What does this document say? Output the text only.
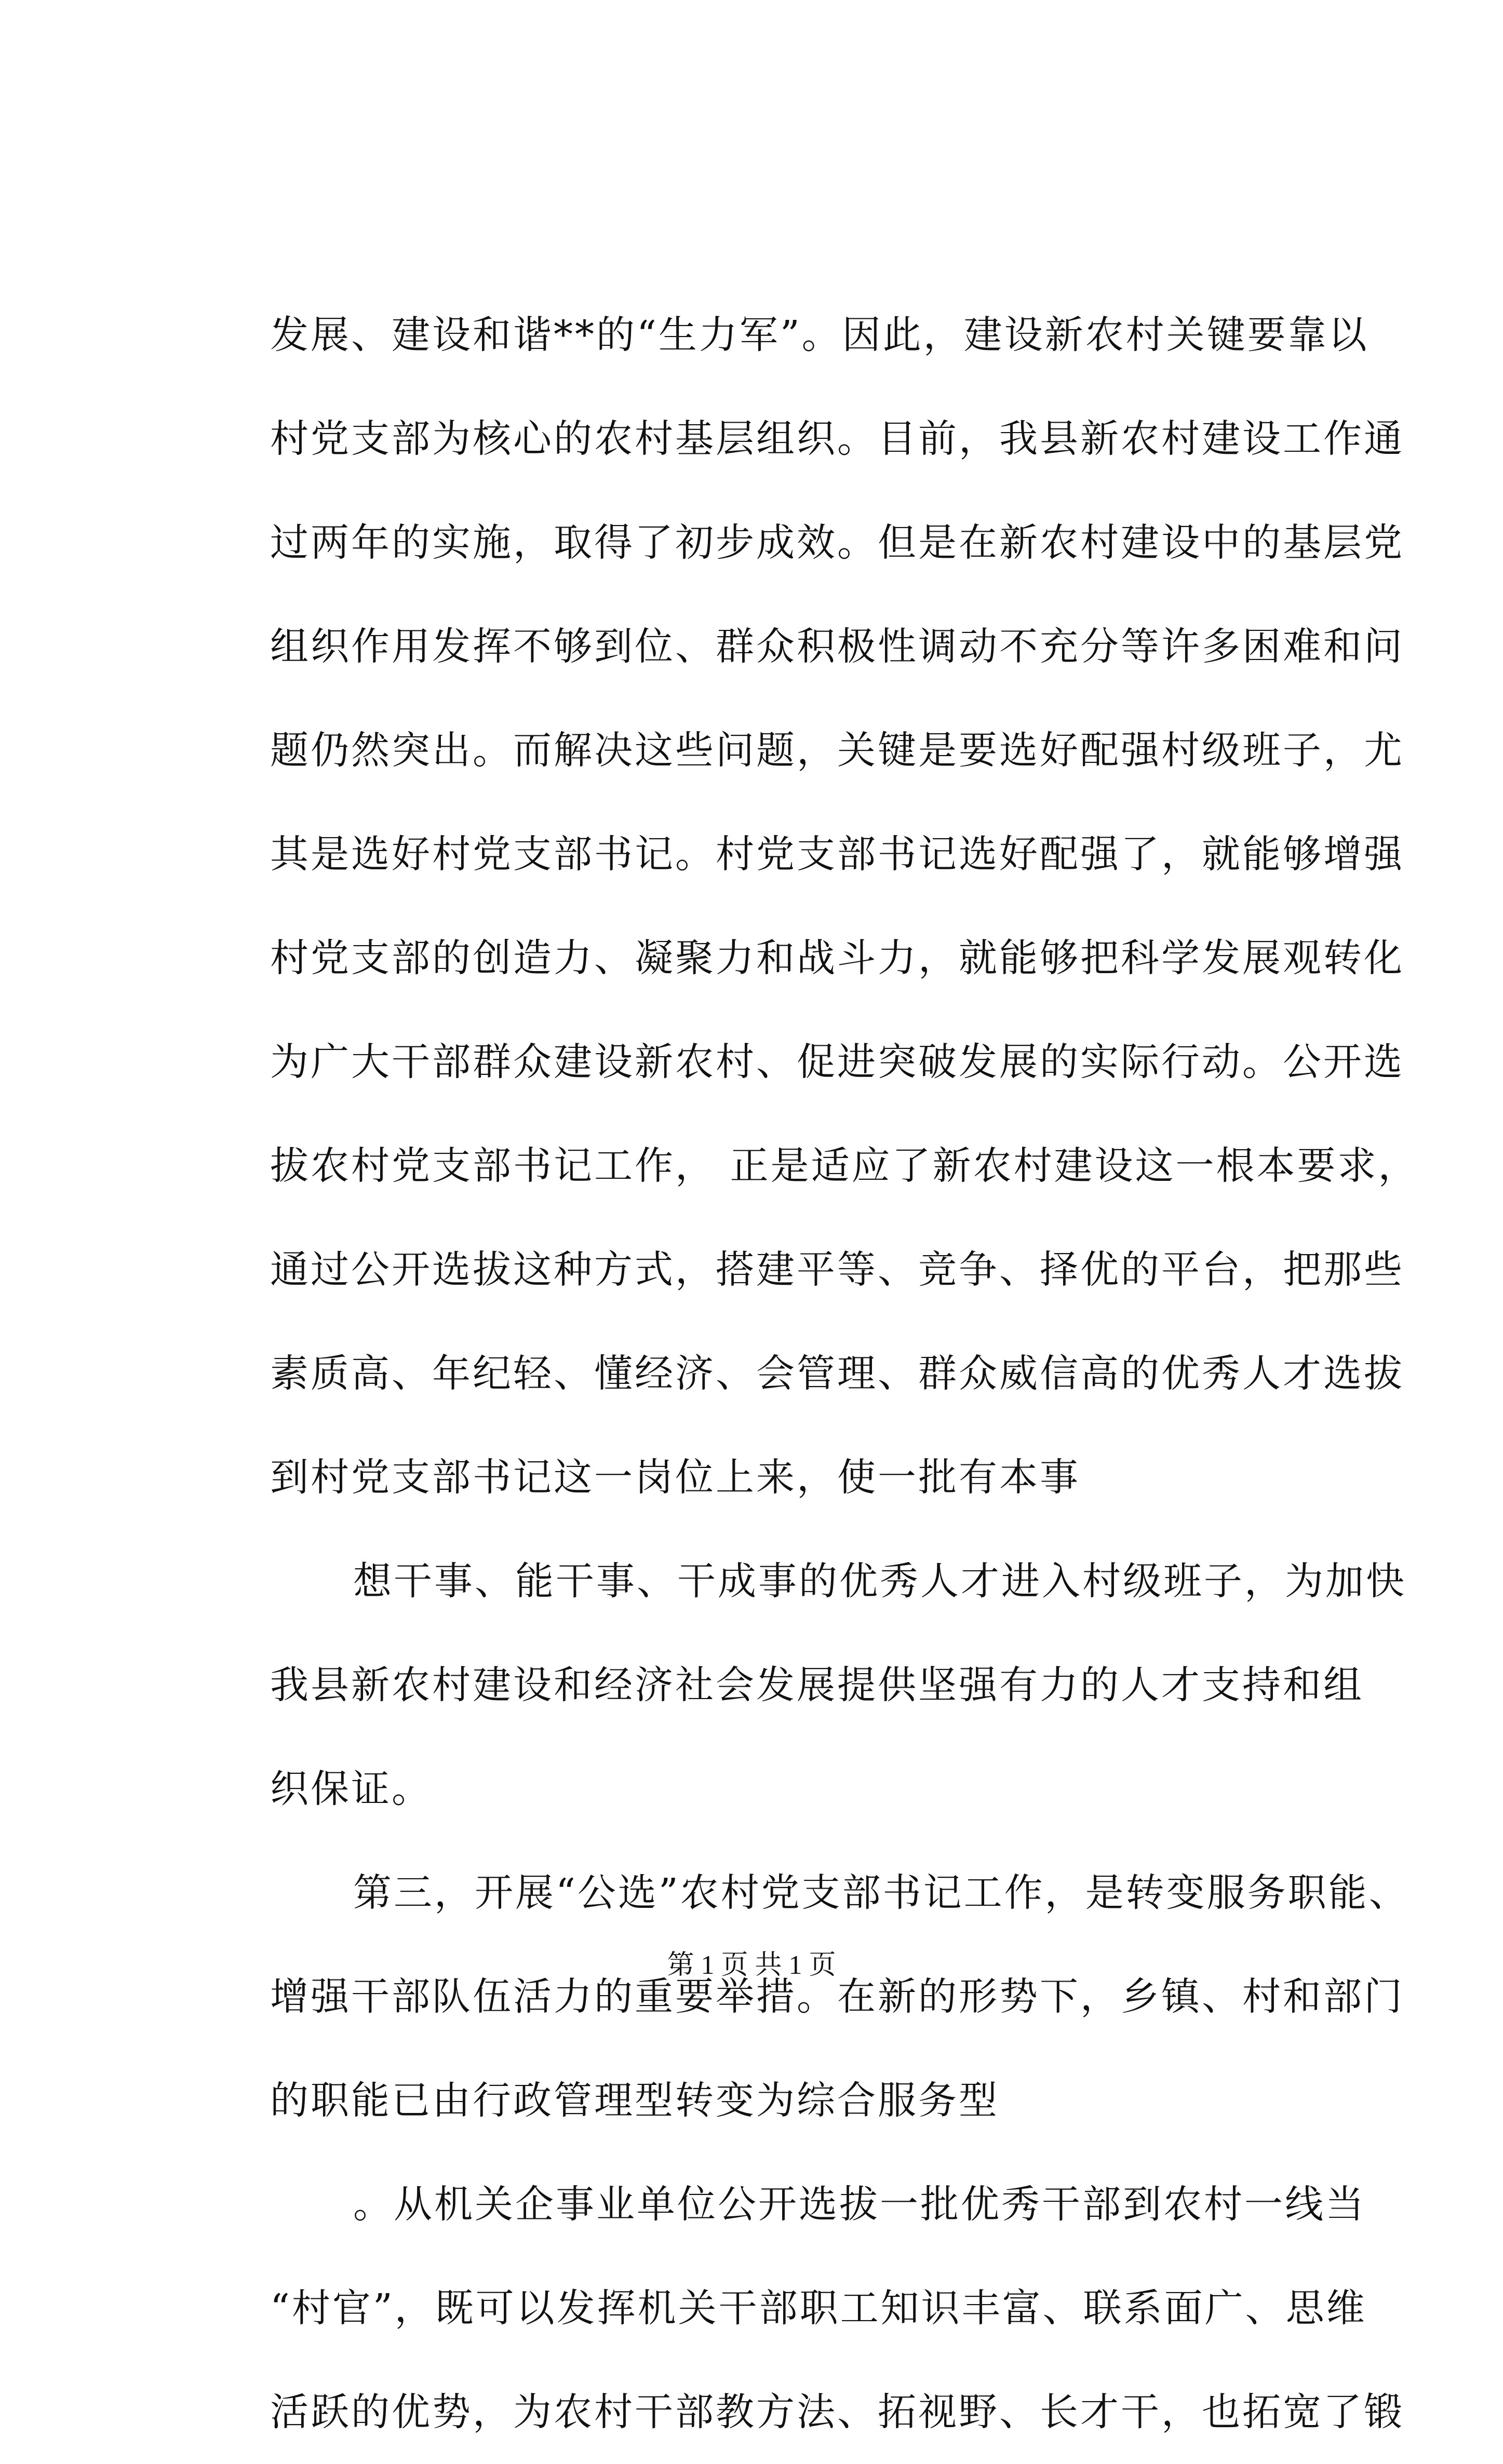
发展、建设和谐**的“生力军”。因此，建设新农村关键要靠以
村党支部为核心的农村基层组织。目前，我县新农村建设工作通
过两年的实施，取得了初步成效。但是在新农村建设中的基层党
组织作用发挥不够到位、群众积极性调动不充分等许多困难和问
题仍然突出。而解决这些问题，关键是要选好配强村级班子，尤
其是选好村党支部书记。村党支部书记选好配强了，就能够增强
村党支部的创造力、凝聚力和战斗力，就能够把科学发展观转化
为广大干部群众建设新农村、促进突破发展的实际行动。公开选
拔农村党支部书记工作， 正是适应了新农村建设这一根本要求，
通过公开选拔这种方式，搭建平等、竞争、择优的平台，把那些
素质高、年纪轻、懂经济、会管理、群众威信高的优秀人才选拔
到村党支部书记这一岗位上来，使一批有本事
想干事、能干事、干成事的优秀人才进入村级班子，为加快
我县新农村建设和经济社会发展提供坚强有力的人才支持和组
织保证。
第三，开展“公选”农村党支部书记工作，是转变服务职能、
增强干部队伍活力的重要举措。在新的形势下，乡镇、村和部门
的职能已由行政管理型转变为综合服务型
。从机关企事业单位公开选拔一批优秀干部到农村一线当
“村官”，既可以发挥机关干部职工知识丰富、联系面广、思维
活跃的优势，为农村干部教方法、拓视野、长才干，也拓宽了锻
第 1 页 共 1 页
